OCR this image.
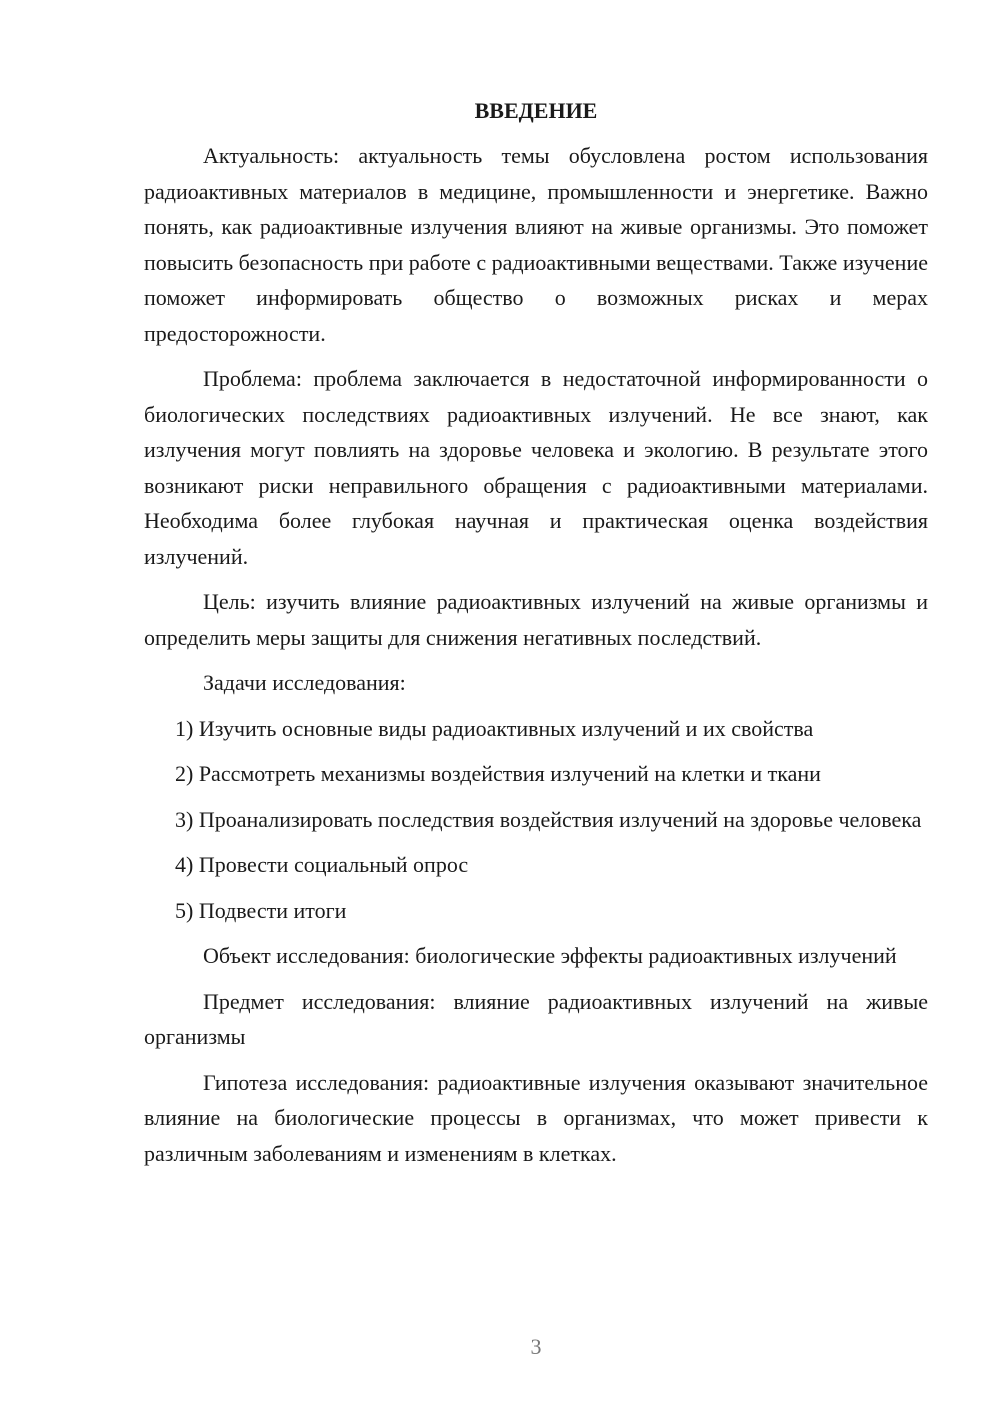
ВВЕДЕНИЕ

Актуальность: актуальность темы обусловлена ростом использования радиоактивных материалов в медицине, промышленности и энергетике. Важно понять, как радиоактивные излучения влияют на живые организмы. Это поможет повысить безопасность при работе с радиоактивными веществами. Также изучение поможет информировать общество о возможных рисках и мерах предосторожности.

Проблема: проблема заключается в недостаточной информированности о биологических последствиях радиоактивных излучений. Не все знают, как излучения могут повлиять на здоровье человека и экологию. В результате этого возникают риски неправильного обращения с радиоактивными материалами. Необходима более глубокая научная и практическая оценка воздействия излучений.

Цель: изучить влияние радиоактивных излучений на живые организмы и определить меры защиты для снижения негативных последствий.

Задачи исследования:

1) Изучить основные виды радиоактивных излучений и их свойства

2) Рассмотреть механизмы воздействия излучений на клетки и ткани

3) Проанализировать последствия воздействия излучений на здоровье человека

4) Провести социальный опрос

5) Подвести итоги

Объект исследования: биологические эффекты радиоактивных излучений

Предмет исследования: влияние радиоактивных излучений на живые организмы

Гипотеза исследования: радиоактивные излучения оказывают значительное влияние на биологические процессы в организмах, что может привести к различным заболеваниям и изменениям в клетках.

3
